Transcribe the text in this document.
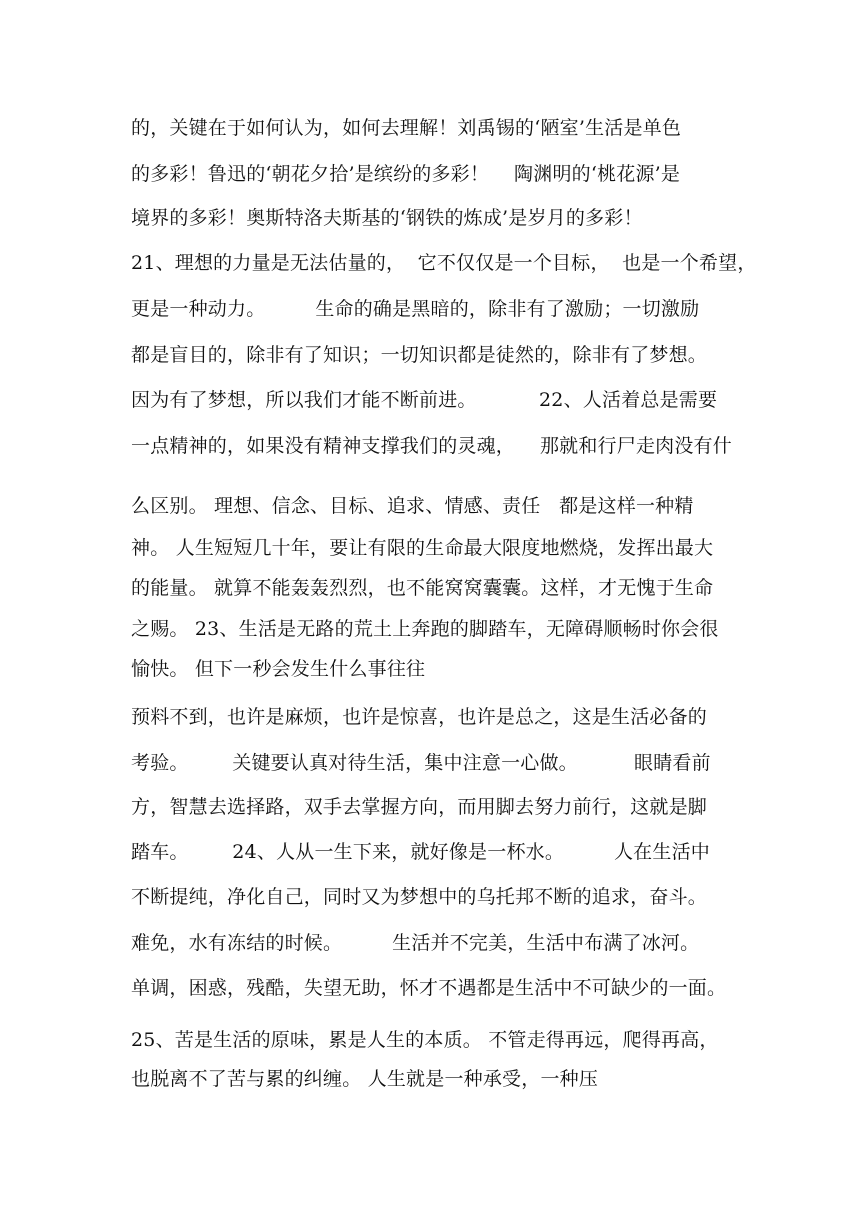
的，关键在于如何认为，如何去理解！刘禹锡的‘陋室’生活是单色
的多彩！鲁迅的‘朝花夕拾’是缤纷的多彩！    陶渊明的‘桃花源’是
境界的多彩！奥斯特洛夫斯基的‘钢铁的炼成’是岁月的多彩！
21、理想的力量是无法估量的，  它不仅仅是一个目标，  也是一个希望，
更是一种动力。        生命的确是黑暗的，除非有了激励；一切激励
都是盲目的，除非有了知识；一切知识都是徒然的，除非有了梦想。
因为有了梦想，所以我们才能不断前进。          22、人活着总是需要
一点精神的，如果没有精神支撑我们的灵魂，    那就和行尸走肉没有什
么区别。 理想、信念、目标、追求、情感、责任   都是这样一种精
神。 人生短短几十年，要让有限的生命最大限度地燃烧，发挥出最大
的能量。 就算不能轰轰烈烈，也不能窝窝囊囊。这样，才无愧于生命
之赐。 23、生活是无路的荒土上奔跑的脚踏车，无障碍顺畅时你会很
愉快。 但下一秒会发生什么事往往
预料不到，也许是麻烦，也许是惊喜，也许是总之，这是生活必备的
考验。       关键要认真对待生活，集中注意一心做。         眼睛看前
方，智慧去选择路，双手去掌握方向，而用脚去努力前行，这就是脚
踏车。       24、人从一生下来，就好像是一杯水。        人在生活中
不断提纯，净化自己，同时又为梦想中的乌托邦不断的追求，奋斗。
难免，水有冻结的时候。        生活并不完美，生活中布满了冰河。
单调，困惑，残酷，失望无助，怀才不遇都是生活中不可缺少的一面。
25、苦是生活的原味，累是人生的本质。 不管走得再远，爬得再高，
也脱离不了苦与累的纠缠。 人生就是一种承受，一种压
